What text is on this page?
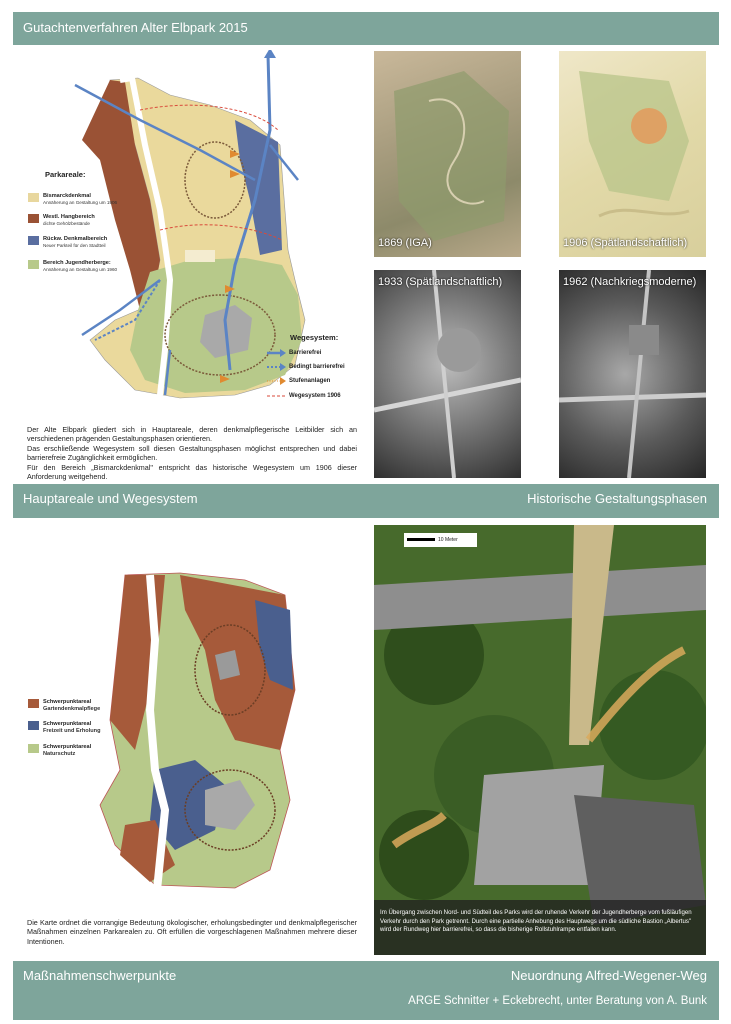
Gutachtenverfahren Alter Elbpark 2015
Parkareale:
Bismarckdenkmal
Annäherung an Gestaltung um 1906
Westl. Hangbereich
dichte Gehölzbestände
Rückw. Denkmalbereich
Neuer Parkteil für den Stadtteil
Bereich Jugendherberge:
Annäherung an Gestaltung um 1960
Wegesystem:
Barrierefrei
Bedingt barrierefrei
Stufenanlagen
Wegesystem 1906
Der Alte Elbpark gliedert sich in Hauptareale, deren denkmalpflegerische Leitbilder sich an verschiedenen prägenden Gestaltungsphasen orientieren.
Das erschließende Wegesystem soll diesen Gestaltungsphasen möglichst entsprechen und dabei barrierefreie Zugänglichkeit ermöglichen.
Für den Bereich „Bismarckdenkmal" entspricht das historische Wegesystem um 1906 dieser Anforderung weitgehend.
1869 (IGA)	1906 (Spätlandschaftlich)
1933 (Spätlandschaftlich)	1962 (Nachkriegsmoderne)
Hauptareale und Wegesystem	Historische Gestaltungsphasen
Schwerpunktareal
Gartendenkmalpflege
Schwerpunktareal
Freizeit und Erholung
Schwerpunktareal
Naturschutz
Die Karte ordnet die vorrangige Bedeutung ökologischer, erholungsbedingter und denkmalpflegerischer Maßnahmen einzelnen Parkarealen zu. Oft erfüllen die vorgeschlagenen Maßnahmen mehrere dieser Intentionen.
10 Meter
Im Übergang zwischen Nord- und Südteil des Parks wird der ruhende Verkehr der Jugendherberge vom fußläufigen Verkehr durch den Park getrennt. Durch eine partielle Anhebung des Hauptwegs um die südliche Bastion „Albertus" wird der Rundweg hier barrierefrei, so dass die bisherige Rollstuhlrampe entfallen kann.
Maßnahmenschwerpunkte	Neuordnung Alfred-Wegener-Weg
ARGE Schnitter + Eckebrecht, unter Beratung von A. Bunk
